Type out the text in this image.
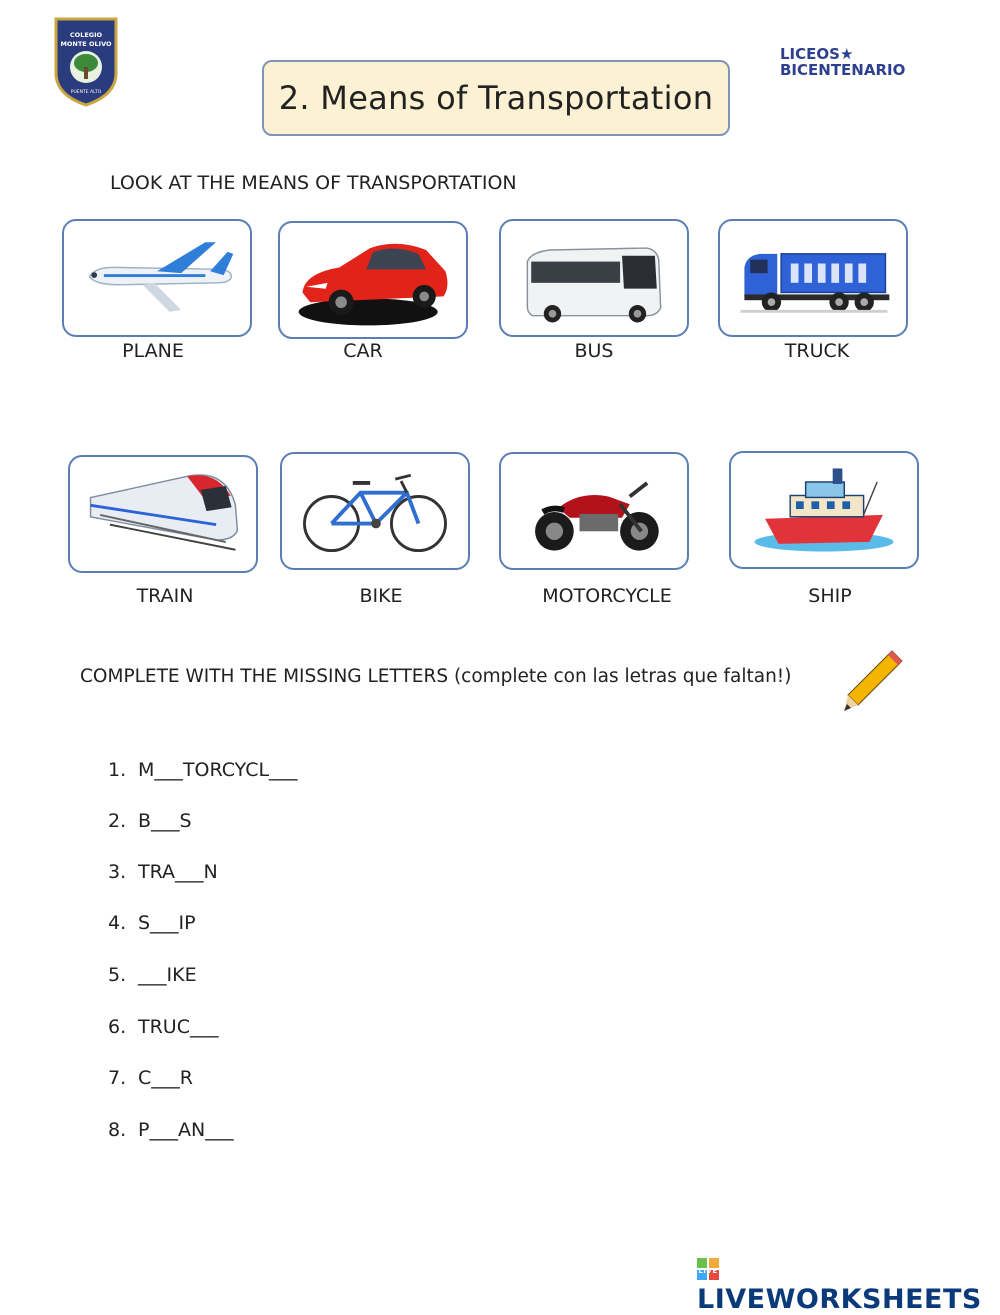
COLEGIO
MONTE OLIVO
PUENTE ALTO	2. Means of Transportation
LICEOS★
BICENTENARIO
LOOK AT THE MEANS OF TRANSPORTATION
PLANE	CAR	BUS	TRUCK
TRAIN	BIKE	MOTORCYCLE	SHIP
COMPLETE WITH THE MISSING LETTERS (complete con las letras que faltan!)
1. M___TORCYCL___
2. B___S
3. TRA___N
4. S___IP
5. ___IKE
6. TRUC___
7. C___R
8. P___AN___
LIVE
LIVEWORKSHEETS
